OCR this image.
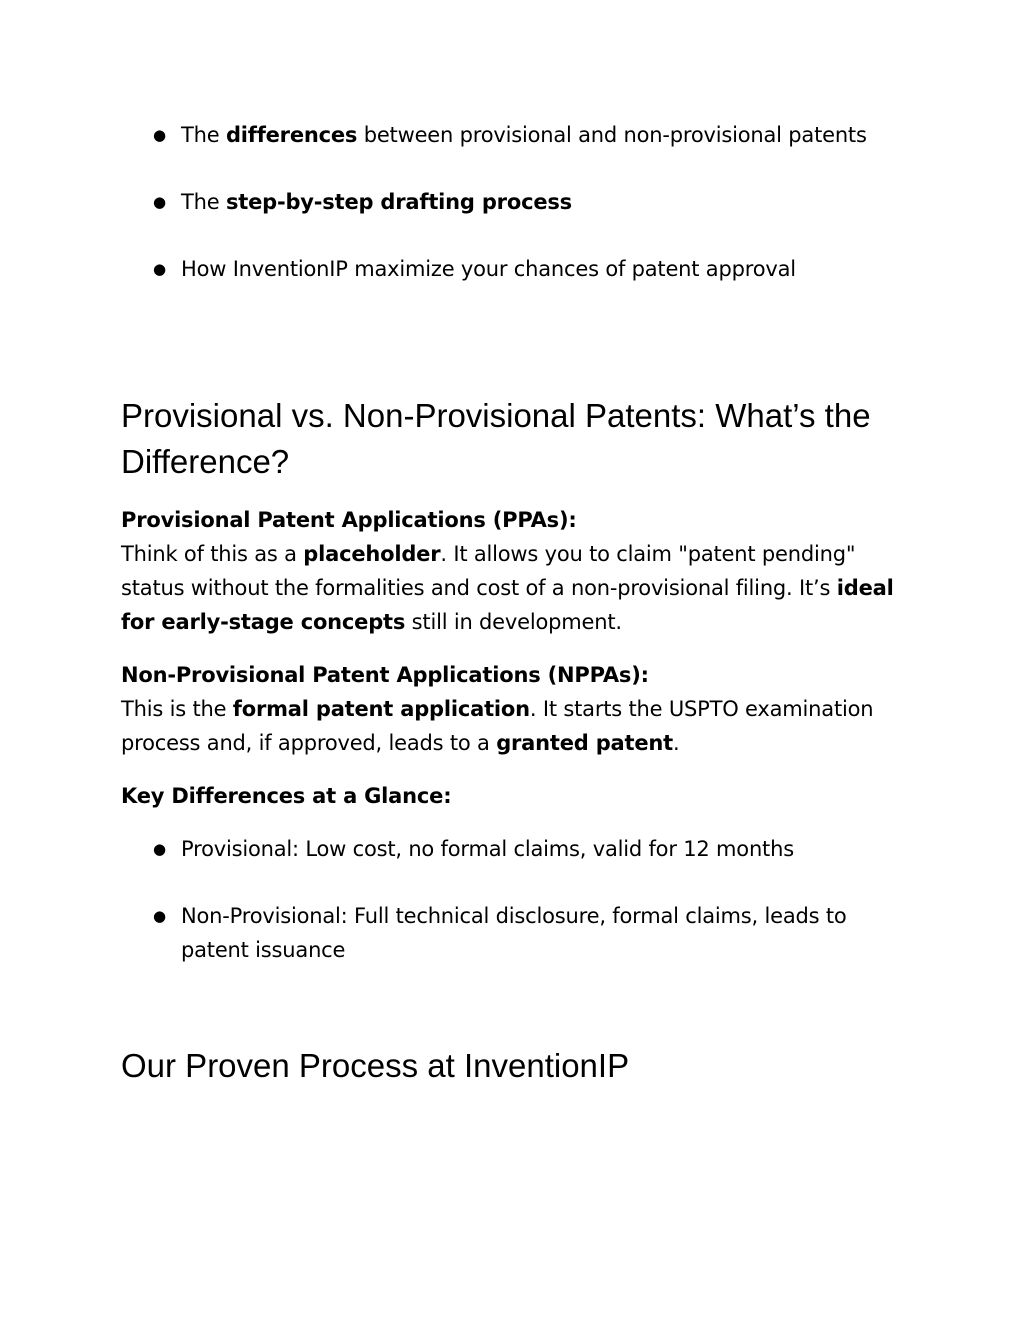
● The differences between provisional and non-provisional patents
● The step-by-step drafting process
● How InventionIP maximize your chances of patent approval
Provisional vs. Non-Provisional Patents: What’s the Difference?

Provisional Patent Applications (PPAs):
Think of this as a placeholder. It allows you to claim "patent pending" status without the formalities and cost of a non-provisional filing. It’s ideal for early-stage concepts still in development.

Non-Provisional Patent Applications (NPPAs):
This is the formal patent application. It starts the USPTO examination process and, if approved, leads to a granted patent.

Key Differences at a Glance:

● Provisional: Low cost, no formal claims, valid for 12 months
● Non-Provisional: Full technical disclosure, formal claims, leads to patent issuance
Our Proven Process at InventionIP
